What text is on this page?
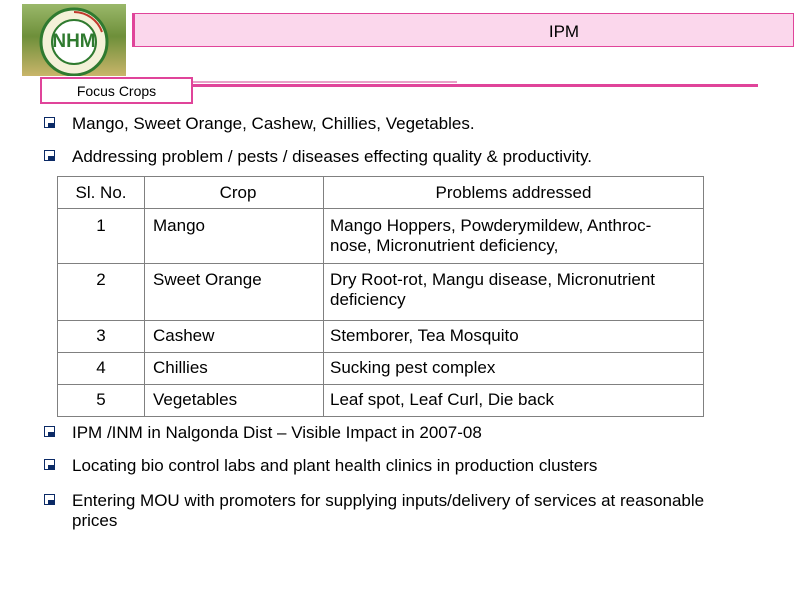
NHM	IPM
Focus Crops
Mango, Sweet Orange, Cashew, Chillies, Vegetables.
Addressing problem / pests / diseases effecting quality & productivity.
Sl. No.	Crop	Problems addressed
1	Mango	Mango Hoppers, Powderymildew, Anthroc-
nose, Micronutrient deficiency,

2	Sweet Orange	Dry Root-rot, Mangu disease, Micronutrient
deficiency

3	Cashew	Stemborer, Tea Mosquito
4	Chillies	Sucking pest complex
5	Vegetables	Leaf spot, Leaf Curl, Die back
IPM /INM in Nalgonda Dist – Visible Impact in 2007-08
Locating bio control labs and plant health clinics in production clusters
Entering MOU with promoters for supplying inputs/delivery of services at reasonable
prices
